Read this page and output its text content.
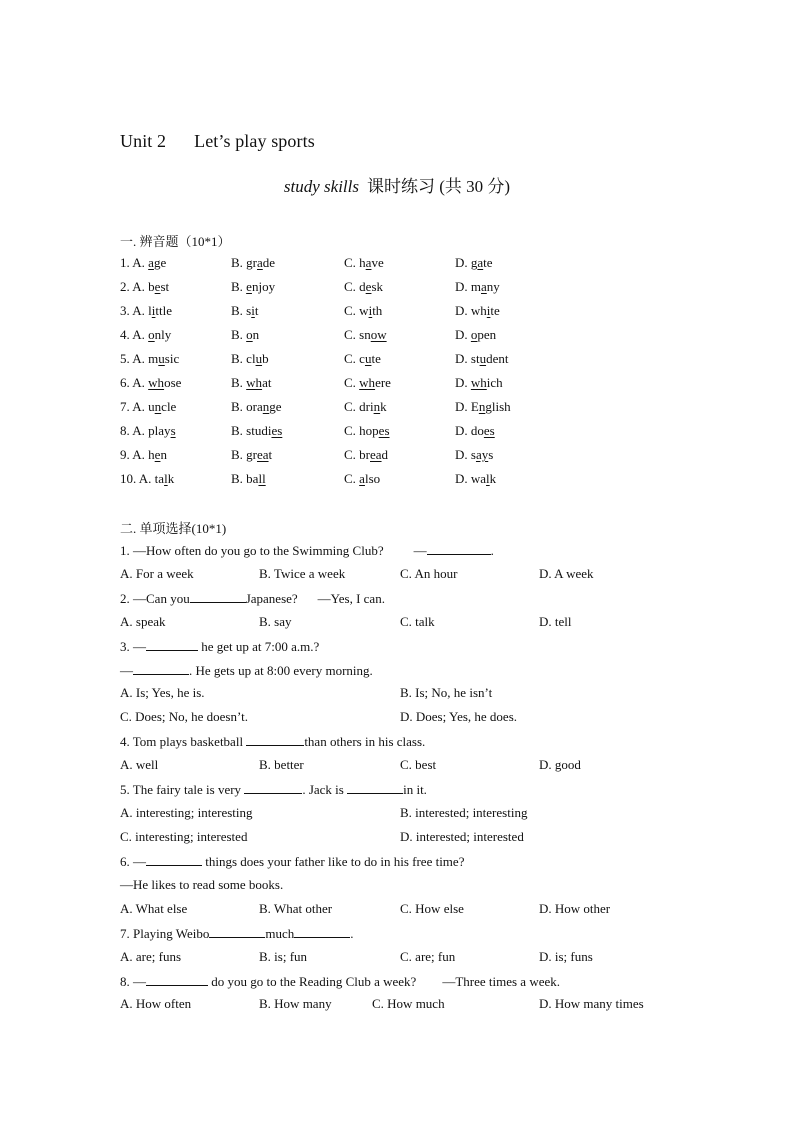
Unit 2 Let’s play sports
study skills 课时练习 (共 30 分)
一. 辨音题（10*1）
1. A. age	B. grade	C. have	D. gate
2. A. best	B. enjoy	C. desk	D. many
3. A. little	B. sit	C. with	D. white
4. A. only	B. on	C. snow	D. open
5. A. music	B. club	C. cute	D. student
6. A. whose	B. what	C. where	D. which
7. A. uncle	B. orange	C. drink	D. English
8. A. plays	B. studies	C. hopes	D. does
9. A. hen	B. great	C. bread	D. says
10. A. talk	B. ball	C. also	D. walk
二. 单项选择(10*1)
1. —How often do you go to the Swimming Club? —	.
A. For a week	B. Twice a week	C. An hour	D. A week
2. —Can you	Japanese? —Yes, I can.
A. speak	B. say	C. talk	D. tell
3. —	he get up at 7:00 a.m.?
—	. He gets up at 8:00 every morning.
A. Is; Yes, he is.	B. Is; No, he isn’t
C. Does; No, he doesn’t.	D. Does; Yes, he does.
4. Tom plays basketball	than others in his class.
A. well	B. better	C. best	D. good
5. The fairy tale is very	. Jack is	in it.
A. interesting; interesting	B. interested; interesting
C. interesting; interested	D. interested; interested
6. —	things does your father like to do in his free time?
—He likes to read some books.
A. What else	B. What other	C. How else	D. How other
7. Playing Weibo	much	.
A. are; funs	B. is; fun	C. are; fun	D. is; funs
8. —	do you go to the Reading Club a week? —Three times a week.
A. How often	B. How many	C. How much	D. How many times
